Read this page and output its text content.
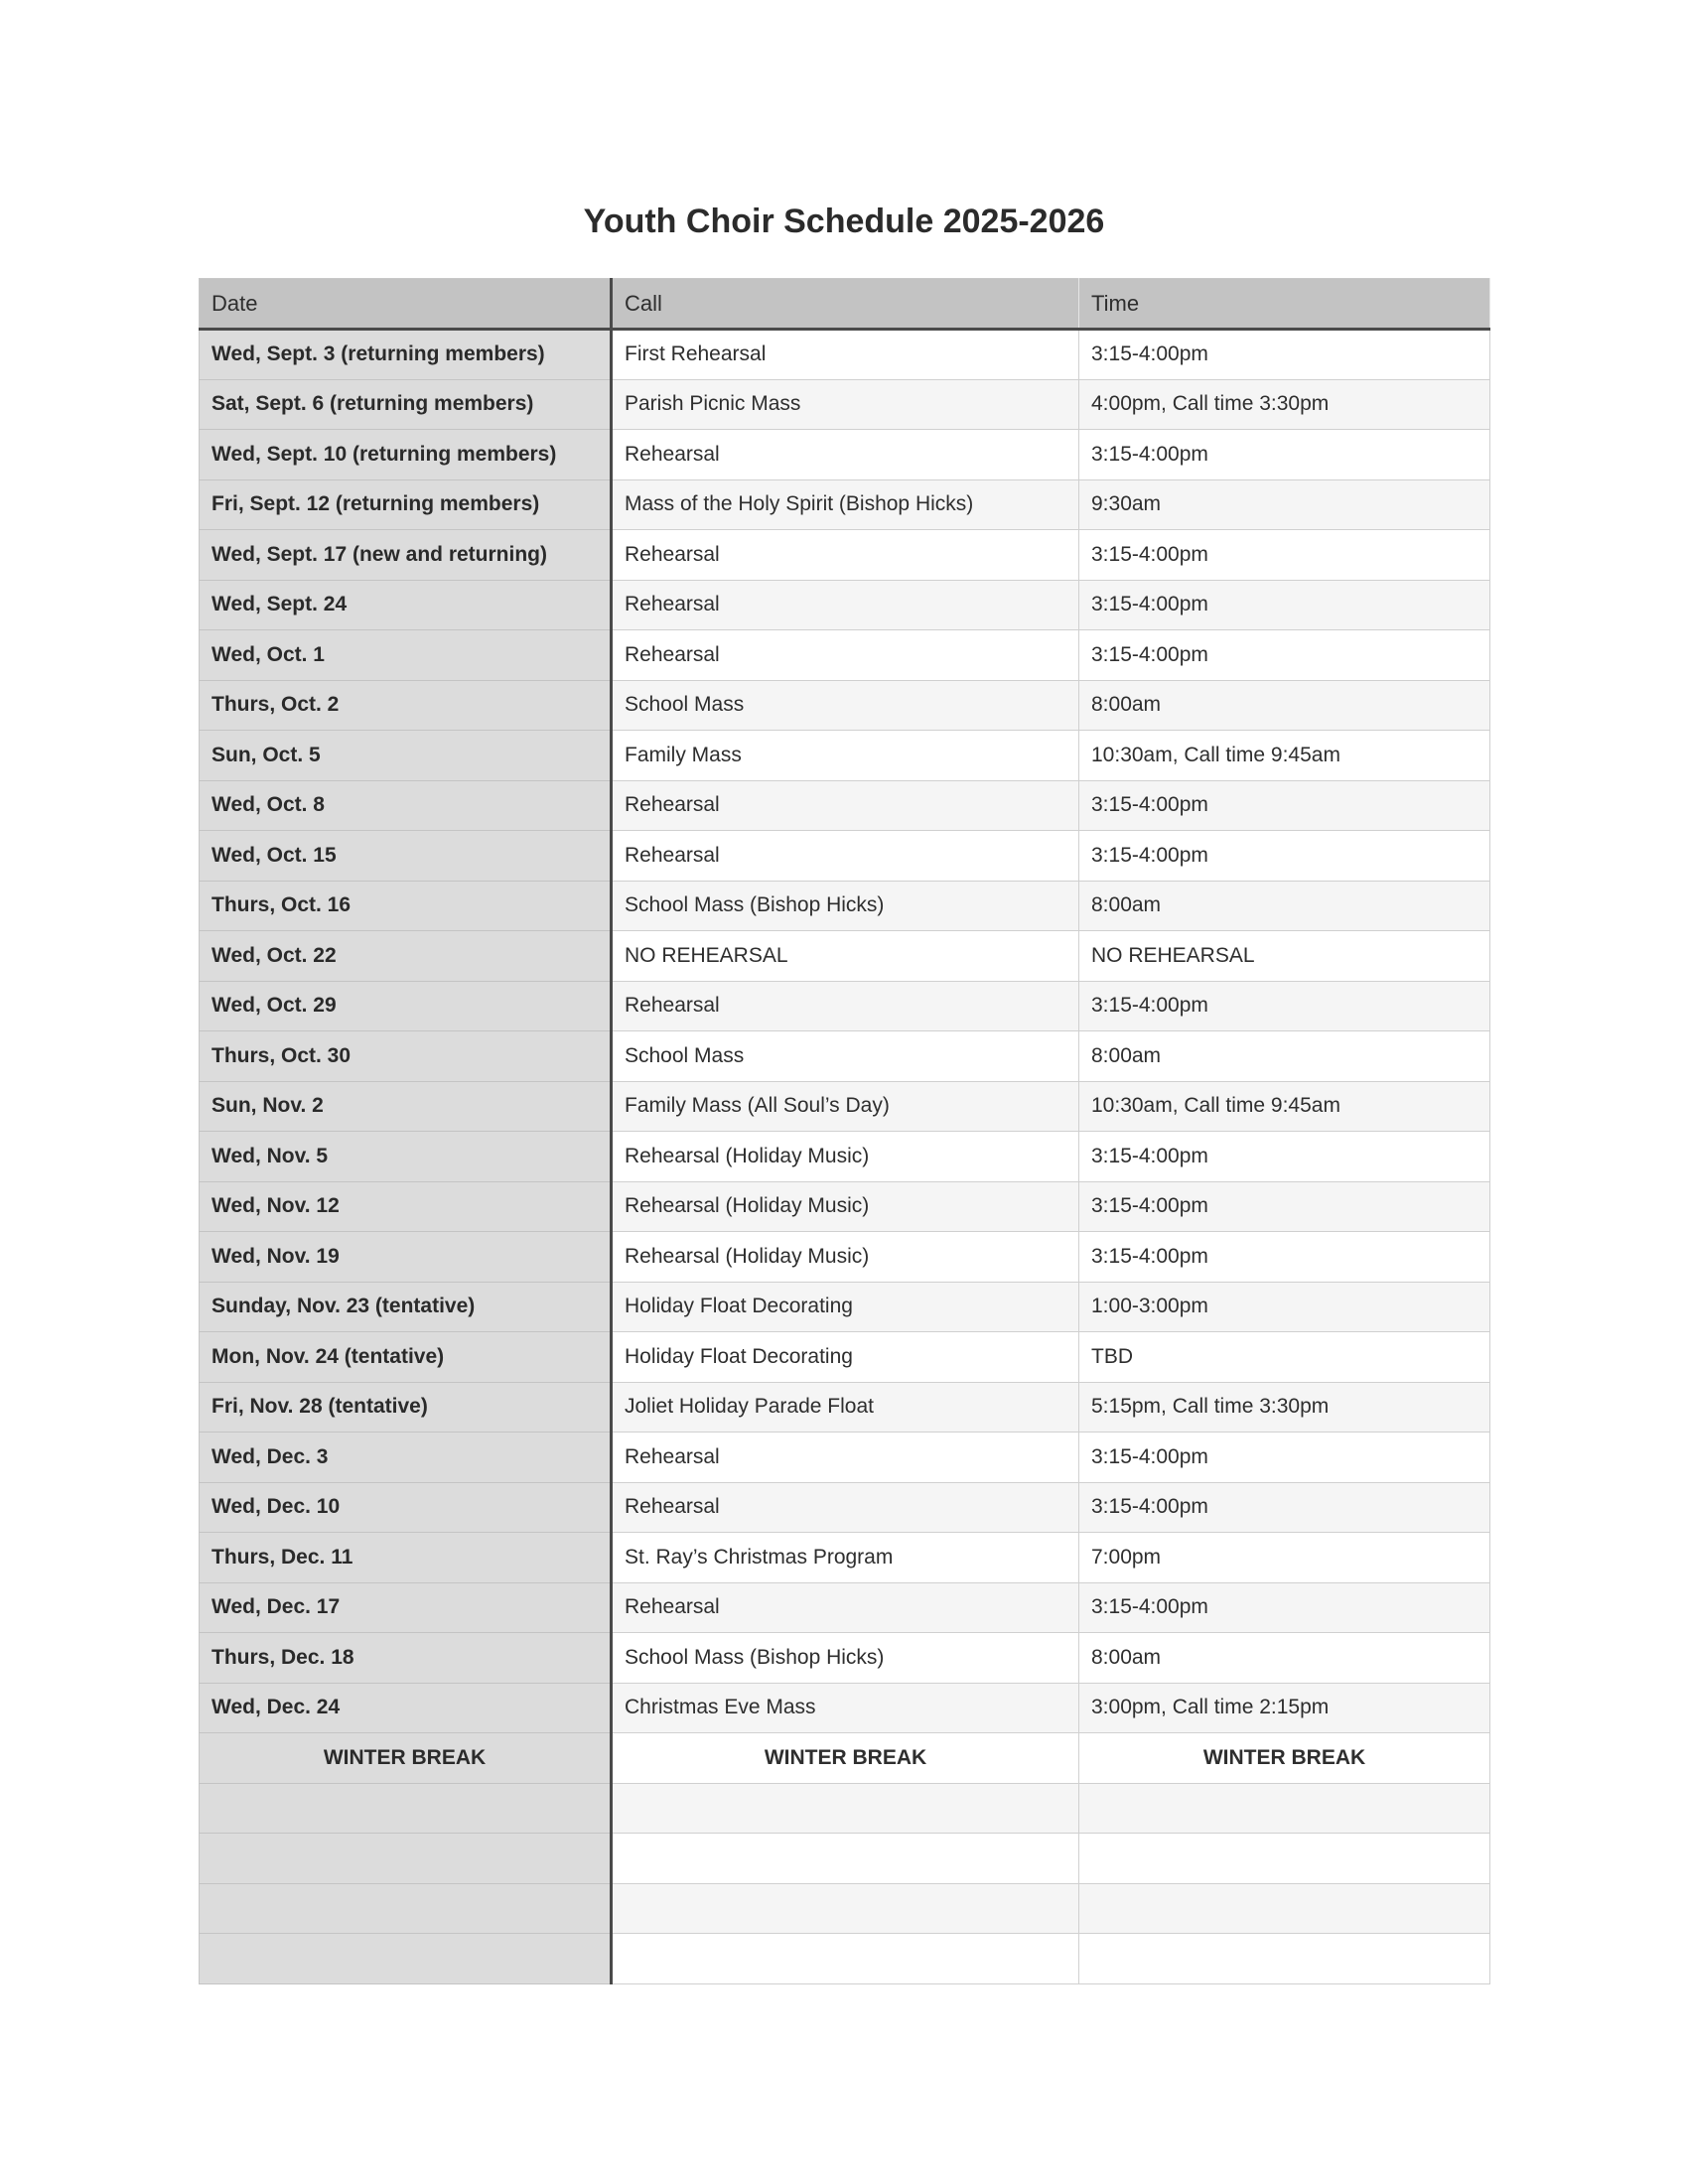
Youth Choir Schedule 2025-2026
Date	Call	Time
Wed, Sept. 3 (returning members)	First Rehearsal	3:15-4:00pm
Sat, Sept. 6 (returning members)	Parish Picnic Mass	4:00pm, Call time 3:30pm
Wed, Sept. 10 (returning members)	Rehearsal	3:15-4:00pm
Fri, Sept. 12 (returning members)	Mass of the Holy Spirit (Bishop Hicks)	9:30am
Wed, Sept. 17 (new and returning)	Rehearsal	3:15-4:00pm
Wed, Sept. 24	Rehearsal	3:15-4:00pm
Wed, Oct. 1	Rehearsal	3:15-4:00pm
Thurs, Oct. 2	School Mass	8:00am
Sun, Oct. 5	Family Mass	10:30am, Call time 9:45am
Wed, Oct. 8	Rehearsal	3:15-4:00pm
Wed, Oct. 15	Rehearsal	3:15-4:00pm
Thurs, Oct. 16	School Mass (Bishop Hicks)	8:00am
Wed, Oct. 22	NO REHEARSAL	NO REHEARSAL
Wed, Oct. 29	Rehearsal	3:15-4:00pm
Thurs, Oct. 30	School Mass	8:00am
Sun, Nov. 2	Family Mass (All Soul’s Day)	10:30am, Call time 9:45am
Wed, Nov. 5	Rehearsal (Holiday Music)	3:15-4:00pm
Wed, Nov. 12	Rehearsal (Holiday Music)	3:15-4:00pm
Wed, Nov. 19	Rehearsal (Holiday Music)	3:15-4:00pm
Sunday, Nov. 23 (tentative)	Holiday Float Decorating	1:00-3:00pm
Mon, Nov. 24 (tentative)	Holiday Float Decorating	TBD
Fri, Nov. 28 (tentative)	Joliet Holiday Parade Float	5:15pm, Call time 3:30pm
Wed, Dec. 3	Rehearsal	3:15-4:00pm
Wed, Dec. 10	Rehearsal	3:15-4:00pm
Thurs, Dec. 11	St. Ray’s Christmas Program	7:00pm
Wed, Dec. 17	Rehearsal	3:15-4:00pm
Thurs, Dec. 18	School Mass (Bishop Hicks)	8:00am
Wed, Dec. 24	Christmas Eve Mass	3:00pm, Call time 2:15pm
WINTER BREAK	WINTER BREAK	WINTER BREAK
